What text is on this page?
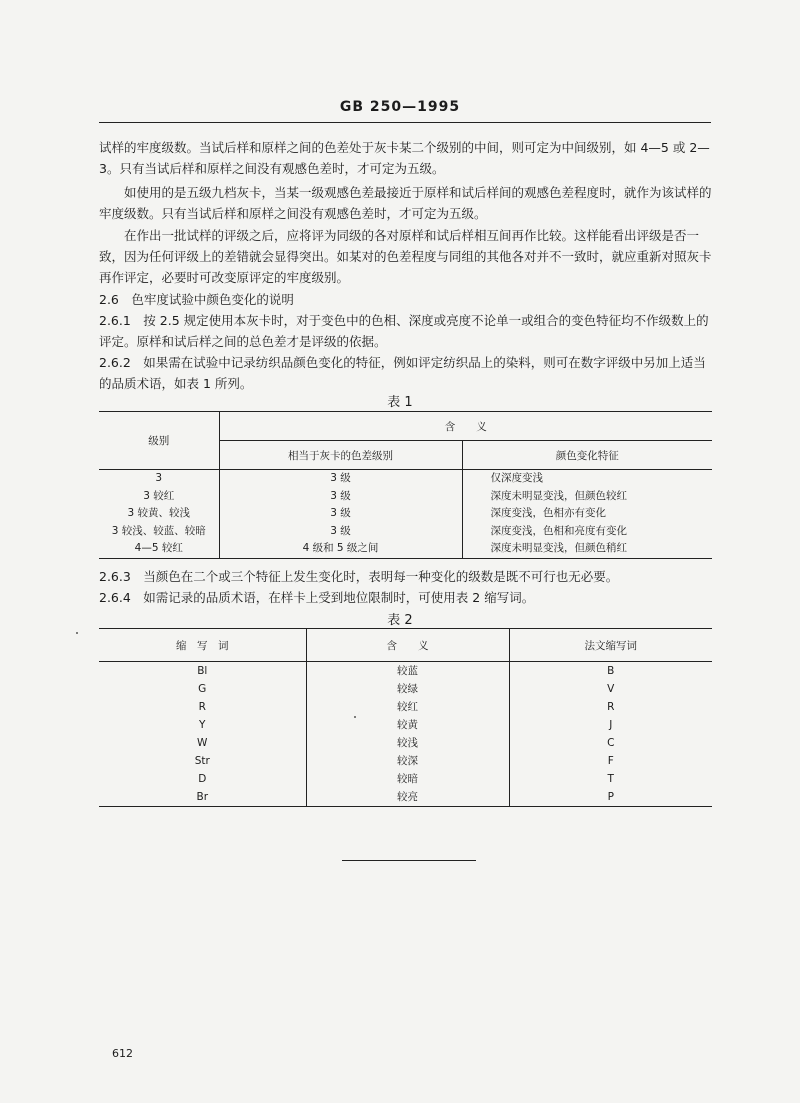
GB 250—1995

试样的牢度级数。当试后样和原样之间的色差处于灰卡某二个级别的中间，则可定为中间级别，如 4—5 或 2—3。只有当试后样和原样之间没有观感色差时，才可定为五级。

如使用的是五级九档灰卡，当某一级观感色差最接近于原样和试后样间的观感色差程度时，就作为该试样的牢度级数。只有当试后样和原样之间没有观感色差时，才可定为五级。

在作出一批试样的评级之后，应将评为同级的各对原样和试后样相互间再作比较。这样能看出评级是否一致，因为任何评级上的差错就会显得突出。如某对的色差程度与同组的其他各对并不一致时，就应重新对照灰卡再作评定，必要时可改变原评定的牢度级别。

2.6　色牢度试验中颜色变化的说明

2.6.1　按 2.5 规定使用本灰卡时，对于变色中的色相、深度或亮度不论单一或组合的变色特征均不作级数上的评定。原样和试后样之间的总色差才是评级的依据。

2.6.2　如果需在试验中记录纺织品颜色变化的特征，例如评定纺织品上的染料，则可在数字评级中另加上适当的品质术语，如表 1 所列。

表 1
级别	含　　义	
	相当于灰卡的色差级别	颜色变化特征
3	3 级	仅深度变浅
3 较红	3 级	深度未明显变浅，但颜色较红
3 较黄、较浅	3 级	深度变浅，色相亦有变化
3 较浅、较蓝、较暗	3 级	深度变浅，色相和亮度有变化
4—5 较红	4 级和 5 级之间	深度未明显变浅，但颜色稍红

2.6.3　当颜色在二个或三个特征上发生变化时，表明每一种变化的级数是既不可行也无必要。

2.6.4　如需记录的品质术语，在样卡上受到地位限制时，可使用表 2 缩写词。

表 2
缩　写　词	含　　义	法文缩写词
Bl	较蓝	B
G	较绿	V
R	较红	R
Y	较黄	J
W	较浅	C
Str	较深	F
D	较暗	T
Br	较亮	P
612
